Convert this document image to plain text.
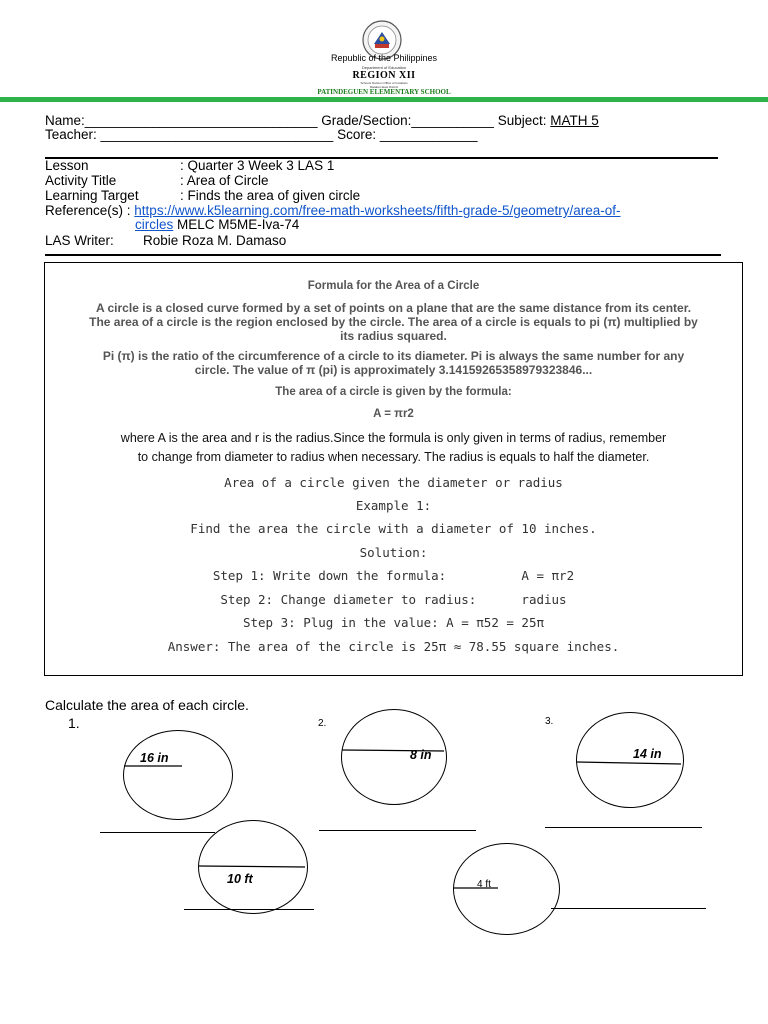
Republic of the Philippines
Department of Education
REGION XII
Schools Division Office of Cotabato
Matalam East District
PATINDEGUEN ELEMENTARY SCHOOL
Name:_______________________________ Grade/Section:___________ Subject: MATH 5
Teacher: _______________________________ Score: _____________
Lesson	: Quarter 3 Week 3 LAS 1
Activity Title	: Area of Circle
Learning Target	: Finds the area of given circle
Reference(s) : https://www.k5learning.com/free-math-worksheets/fifth-grade-5/geometry/area-of-
circles MELC M5ME-Iva-74
LAS Writer: Robie Roza M. Damaso
Formula for the Area of a Circle
A circle is a closed curve formed by a set of points on a plane that are the same distance from its center.
The area of a circle is the region enclosed by the circle. The area of a circle is equals to pi (π) multiplied by
its radius squared.
Pi (π) is the ratio of the circumference of a circle to its diameter. Pi is always the same number for any
circle. The value of π (pi) is approximately 3.14159265358979323846...
The area of a circle is given by the formula:
A = πr2
where A is the area and r is the radius.Since the formula is only given in terms of radius, remember
to change from diameter to radius when necessary. The radius is equals to half the diameter.
Area of a circle given the diameter or radius
Example 1:
Find the area the circle with a diameter of 10 inches.
Solution:
Step 1: Write down the formula:          A = πr2
Step 2: Change diameter to radius:      radius
Step 3: Plug in the value: A = π52 = 25π
Answer: The area of the circle is 25π ≈ 78.55 square inches.
Calculate the area of each circle.
1.	2.	3.
16 in	8 in	14 in
10 ft	4 ft
